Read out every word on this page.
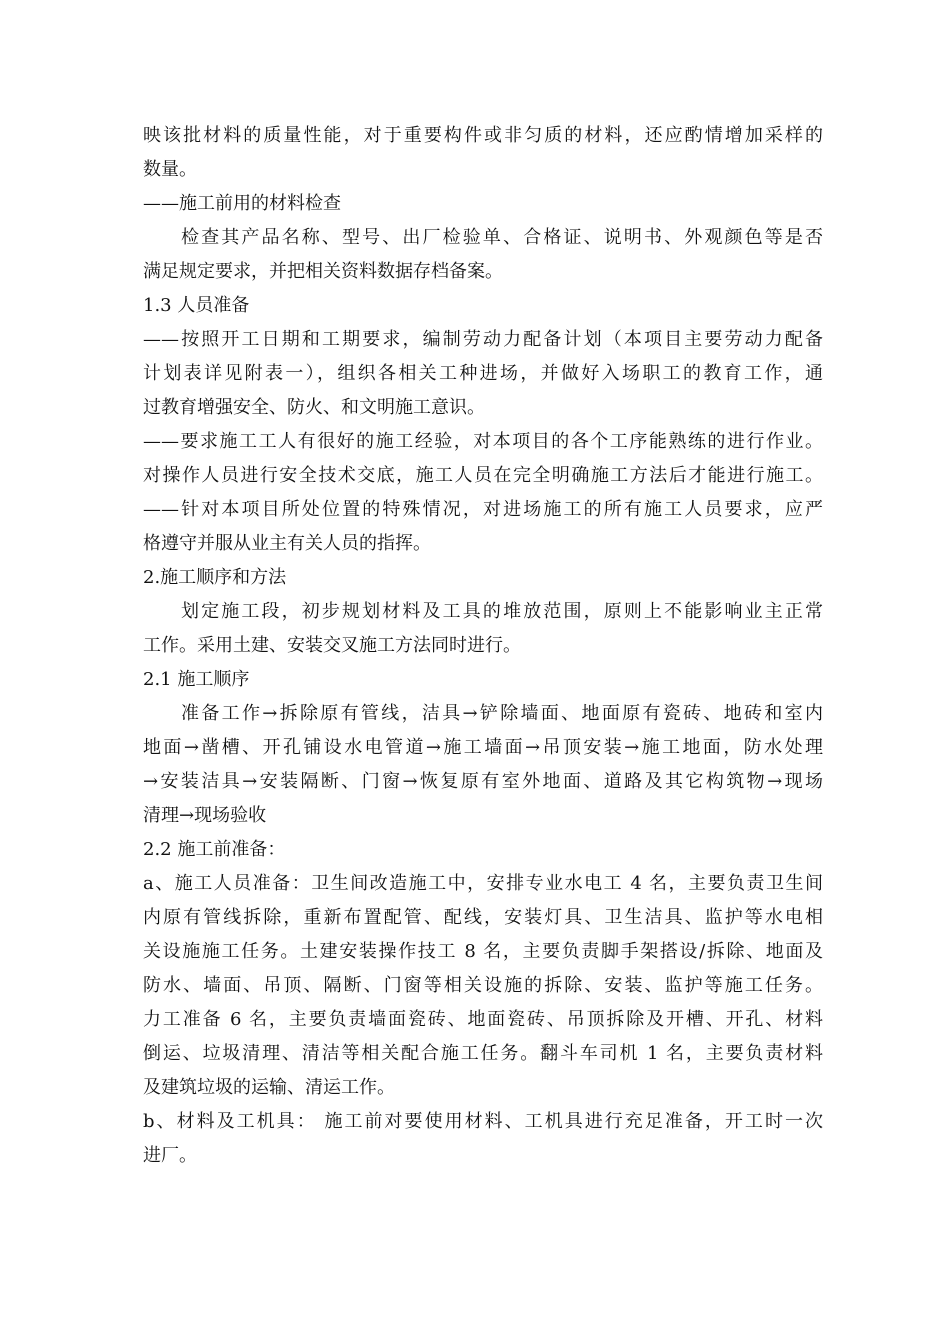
映该批材料的质量性能，对于重要构件或非匀质的材料，还应酌情增加采样的
数量。
——施工前用的材料检查
检查其产品名称、型号、出厂检验单、合格证、说明书、外观颜色等是否
满足规定要求，并把相关资料数据存档备案。
1.3 人员准备
——按照开工日期和工期要求，编制劳动力配备计划（本项目主要劳动力配备
计划表详见附表一），组织各相关工种进场，并做好入场职工的教育工作，通
过教育增强安全、防火、和文明施工意识。
——要求施工工人有很好的施工经验，对本项目的各个工序能熟练的进行作业。
对操作人员进行安全技术交底，施工人员在完全明确施工方法后才能进行施工。
——针对本项目所处位置的特殊情况，对进场施工的所有施工人员要求，应严
格遵守并服从业主有关人员的指挥。
2.施工顺序和方法
划定施工段，初步规划材料及工具的堆放范围，原则上不能影响业主正常
工作。采用土建、安装交叉施工方法同时进行。
2.1 施工顺序
准备工作→拆除原有管线，洁具→铲除墙面、地面原有瓷砖、地砖和室内
地面→凿槽、开孔铺设水电管道→施工墙面→吊顶安装→施工地面，防水处理
→安装洁具→安装隔断、门窗→恢复原有室外地面、道路及其它构筑物→现场
清理→现场验收
2.2 施工前准备：
a、施工人员准备：卫生间改造施工中，安排专业水电工 4 名，主要负责卫生间
内原有管线拆除，重新布置配管、配线，安装灯具、卫生洁具、监护等水电相
关设施施工任务。土建安装操作技工 8 名，主要负责脚手架搭设/拆除、地面及
防水、墙面、吊顶、隔断、门窗等相关设施的拆除、安装、监护等施工任务。
力工准备 6 名，主要负责墙面瓷砖、地面瓷砖、吊顶拆除及开槽、开孔、材料
倒运、垃圾清理、清洁等相关配合施工任务。翻斗车司机 1 名，主要负责材料
及建筑垃圾的运输、清运工作。
b、材料及工机具： 施工前对要使用材料、工机具进行充足准备，开工时一次
进厂。
